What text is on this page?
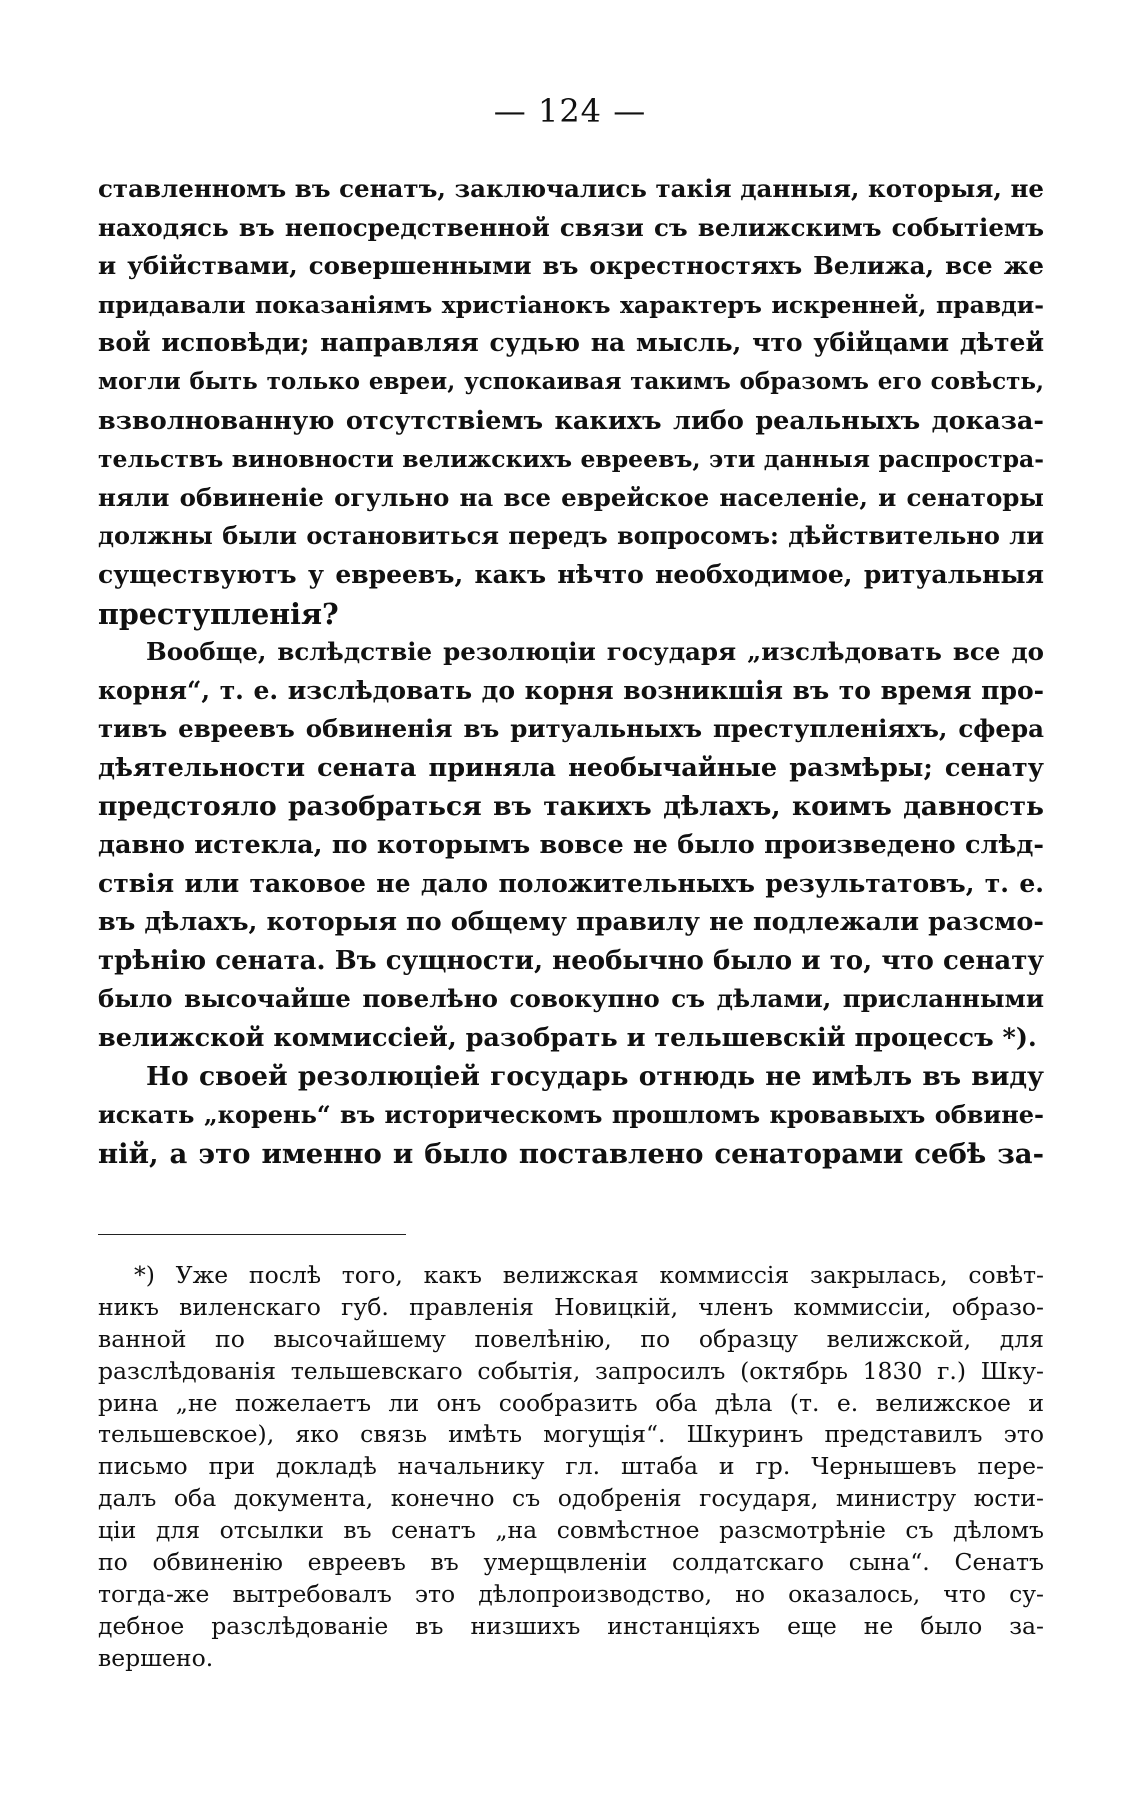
— 124 —
ставленномъ въ сенатъ, заключались такія данныя, которыя, не
находясь въ непосредственной связи съ велижскимъ событіемъ
и убійствами, совершенными въ окрестностяхъ Велижа, все же
придавали показаніямъ христіанокъ характеръ искренней, правди-
вой исповѣди; направляя судью на мысль, что убійцами дѣтей
могли быть только евреи, успокаивая такимъ образомъ его совѣсть,
взволнованную отсутствіемъ какихъ либо реальныхъ доказа-
тельствъ виновности велижскихъ евреевъ, эти данныя распростра-
няли обвиненіе огульно на все еврейское населеніе, и сенаторы
должны были остановиться передъ вопросомъ: дѣйствительно ли
существуютъ у евреевъ, какъ нѣчто необходимое, ритуальныя
преступленія?
Вообще, вслѣдствіе резолюціи государя „изслѣдовать все до
корня“, т. е. изслѣдовать до корня возникшія въ то время про-
тивъ евреевъ обвиненія въ ритуальныхъ преступленіяхъ, сфера
дѣятельности сената приняла необычайные размѣры; сенату
предстояло разобраться въ такихъ дѣлахъ, коимъ давность
давно истекла, по которымъ вовсе не было произведено слѣд-
ствія или таковое не дало положительныхъ результатовъ, т. е.
въ дѣлахъ, которыя по общему правилу не подлежали разсмо-
трѣнію сената. Въ сущности, необычно было и то, что сенату
было высочайше повелѣно совокупно съ дѣлами, присланными
велижской коммиссіей, разобрать и тельшевскій процессъ *).
Но своей резолюціей государь отнюдь не имѣлъ въ виду
искать „корень“ въ историческомъ прошломъ кровавыхъ обвине-
ній, а это именно и было поставлено сенаторами себѣ за-
*) Уже послѣ того, какъ велижская коммиссія закрылась, совѣт-
никъ виленскаго губ. правленія Новицкій, членъ коммиссіи, образо-
ванной по высочайшему повелѣнію, по образцу велижской, для
разслѣдованія тельшевскаго событія, запросилъ (октябрь 1830 г.) Шку-
рина „не пожелаетъ ли онъ сообразить оба дѣла (т. е. велижское и
тельшевское), яко связь имѣть могущія“. Шкуринъ представилъ это
письмо при докладѣ начальнику гл. штаба и гр. Чернышевъ пере-
далъ оба документа, конечно съ одобренія государя, министру юсти-
ціи для отсылки въ сенатъ „на совмѣстное разсмотрѣніе съ дѣломъ
по обвиненію евреевъ въ умерщвленіи солдатскаго сына“. Сенатъ
тогда-же вытребовалъ это дѣлопроизводство, но оказалось, что су-
дебное разслѣдованіе въ низшихъ инстанціяхъ еще не было за-
вершено.
